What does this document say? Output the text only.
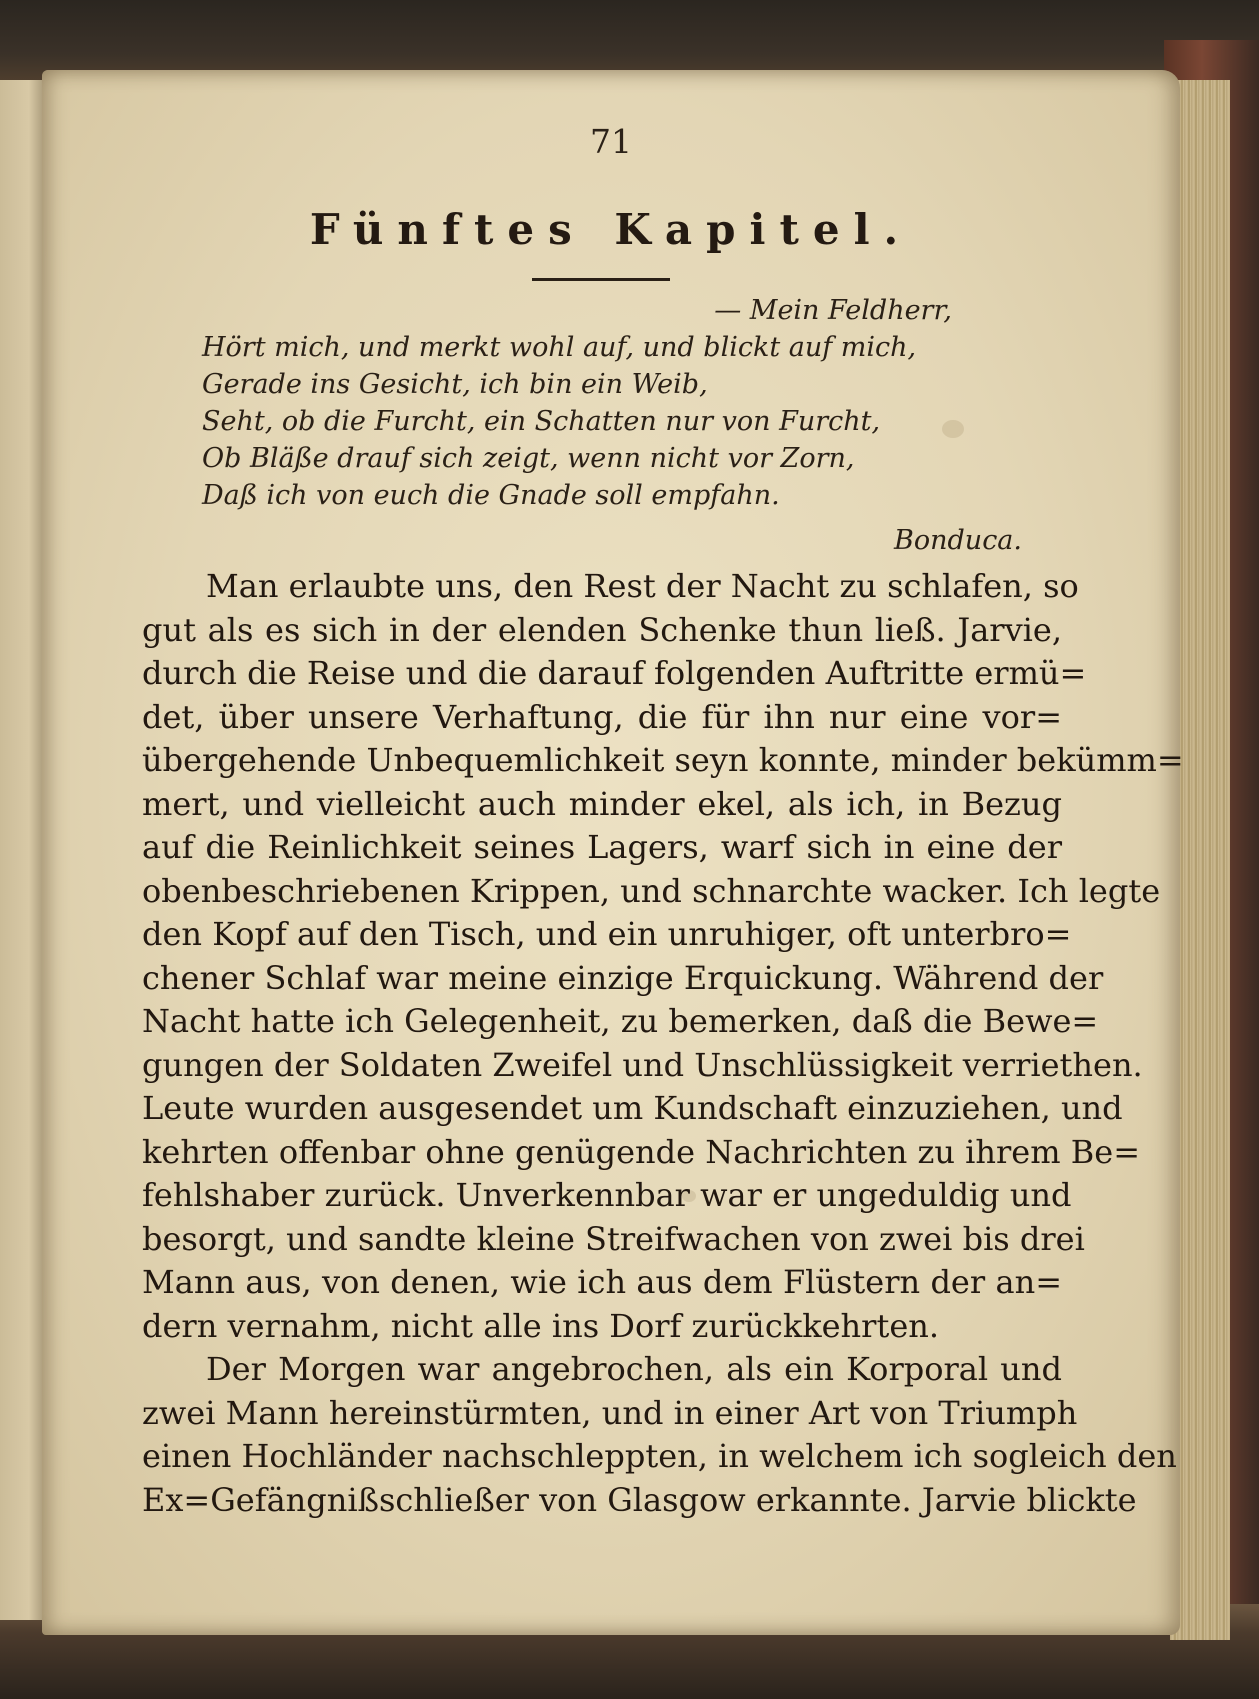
71
Fünftes Kapitel.
— Mein Feldherr,
Hört mich, und merkt wohl auf, und blickt auf mich,
Gerade ins Gesicht, ich bin ein Weib,
Seht, ob die Furcht, ein Schatten nur von Furcht,
Ob Bläße drauf sich zeigt, wenn nicht vor Zorn,
Daß ich von euch die Gnade soll empfahn.
Bonduca.
Man erlaubte uns, den Rest der Nacht zu schlafen, so
gut als es sich in der elenden Schenke thun ließ. Jarvie,
durch die Reise und die darauf folgenden Auftritte ermü=
det, über unsere Verhaftung, die für ihn nur eine vor=
übergehende Unbequemlichkeit seyn konnte, minder bekümm=
mert, und vielleicht auch minder ekel, als ich, in Bezug
auf die Reinlichkeit seines Lagers, warf sich in eine der
obenbeschriebenen Krippen, und schnarchte wacker. Ich legte
den Kopf auf den Tisch, und ein unruhiger, oft unterbro=
chener Schlaf war meine einzige Erquickung. Während der
Nacht hatte ich Gelegenheit, zu bemerken, daß die Bewe=
gungen der Soldaten Zweifel und Unschlüssigkeit verriethen.
Leute wurden ausgesendet um Kundschaft einzuziehen, und
kehrten offenbar ohne genügende Nachrichten zu ihrem Be=
fehlshaber zurück. Unverkennbar war er ungeduldig und
besorgt, und sandte kleine Streifwachen von zwei bis drei
Mann aus, von denen, wie ich aus dem Flüstern der an=
dern vernahm, nicht alle ins Dorf zurückkehrten.
Der Morgen war angebrochen, als ein Korporal und
zwei Mann hereinstürmten, und in einer Art von Triumph
einen Hochländer nachschleppten, in welchem ich sogleich den
Ex=Gefängnißschließer von Glasgow erkannte. Jarvie blickte
